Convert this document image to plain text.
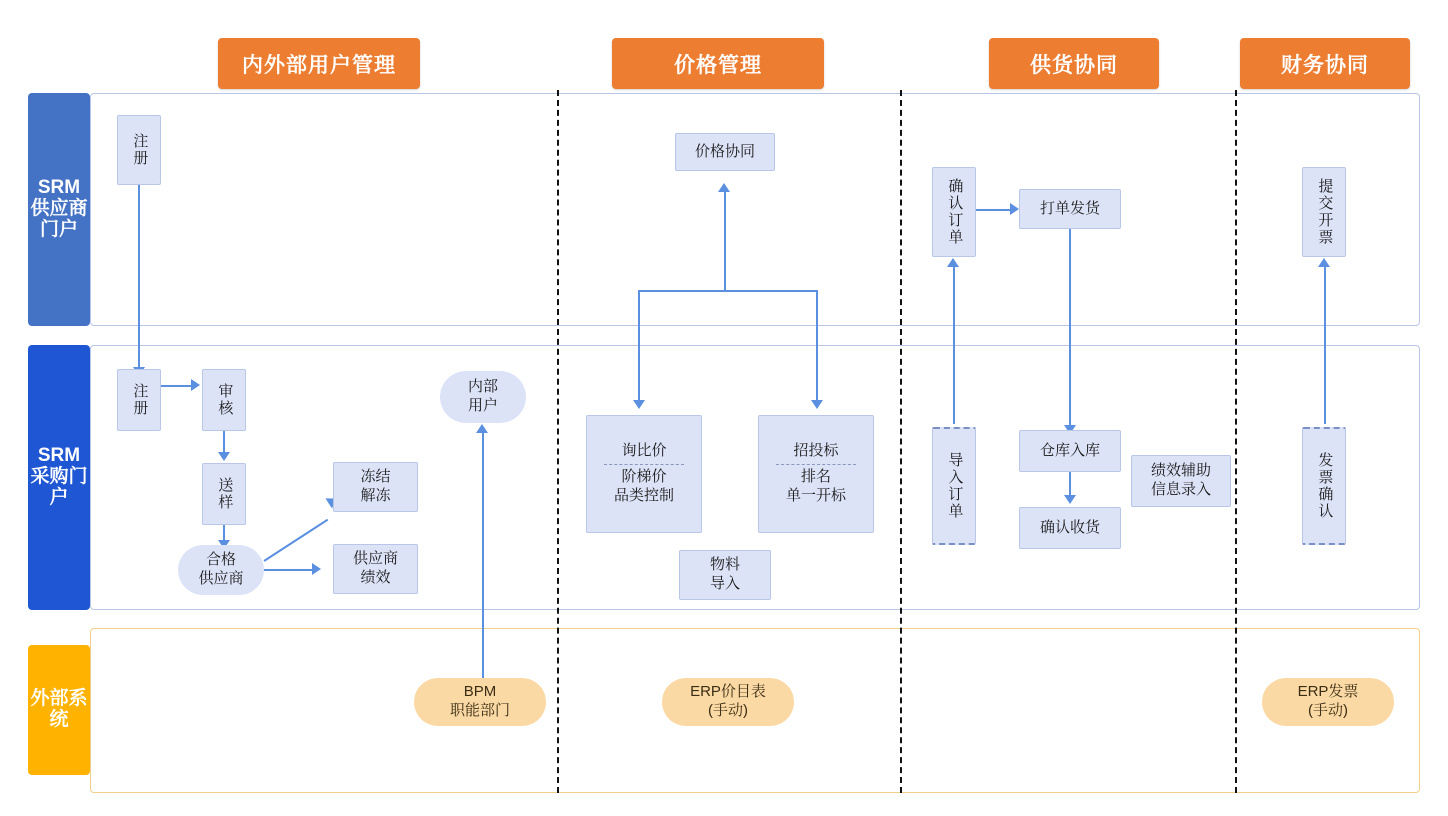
内外部用户管理	价格管理	供货协同	财务协同
SRM供应商门户
SRM采购门户
外部系统
注册	价格协同
确认订单	打单发货	提交开票
注册	审核
送样
合格
供应商
冻结
解冻
供应商
绩效
内部
用户
询比价
阶梯价
品类控制
招投标
排名
单一开标
物料
导入
导入订单
仓库入库
确认收货
绩效辅助
信息录入	发票确认
BPM
职能部门
ERP价目表
(手动)
ERP发票
(手动)
